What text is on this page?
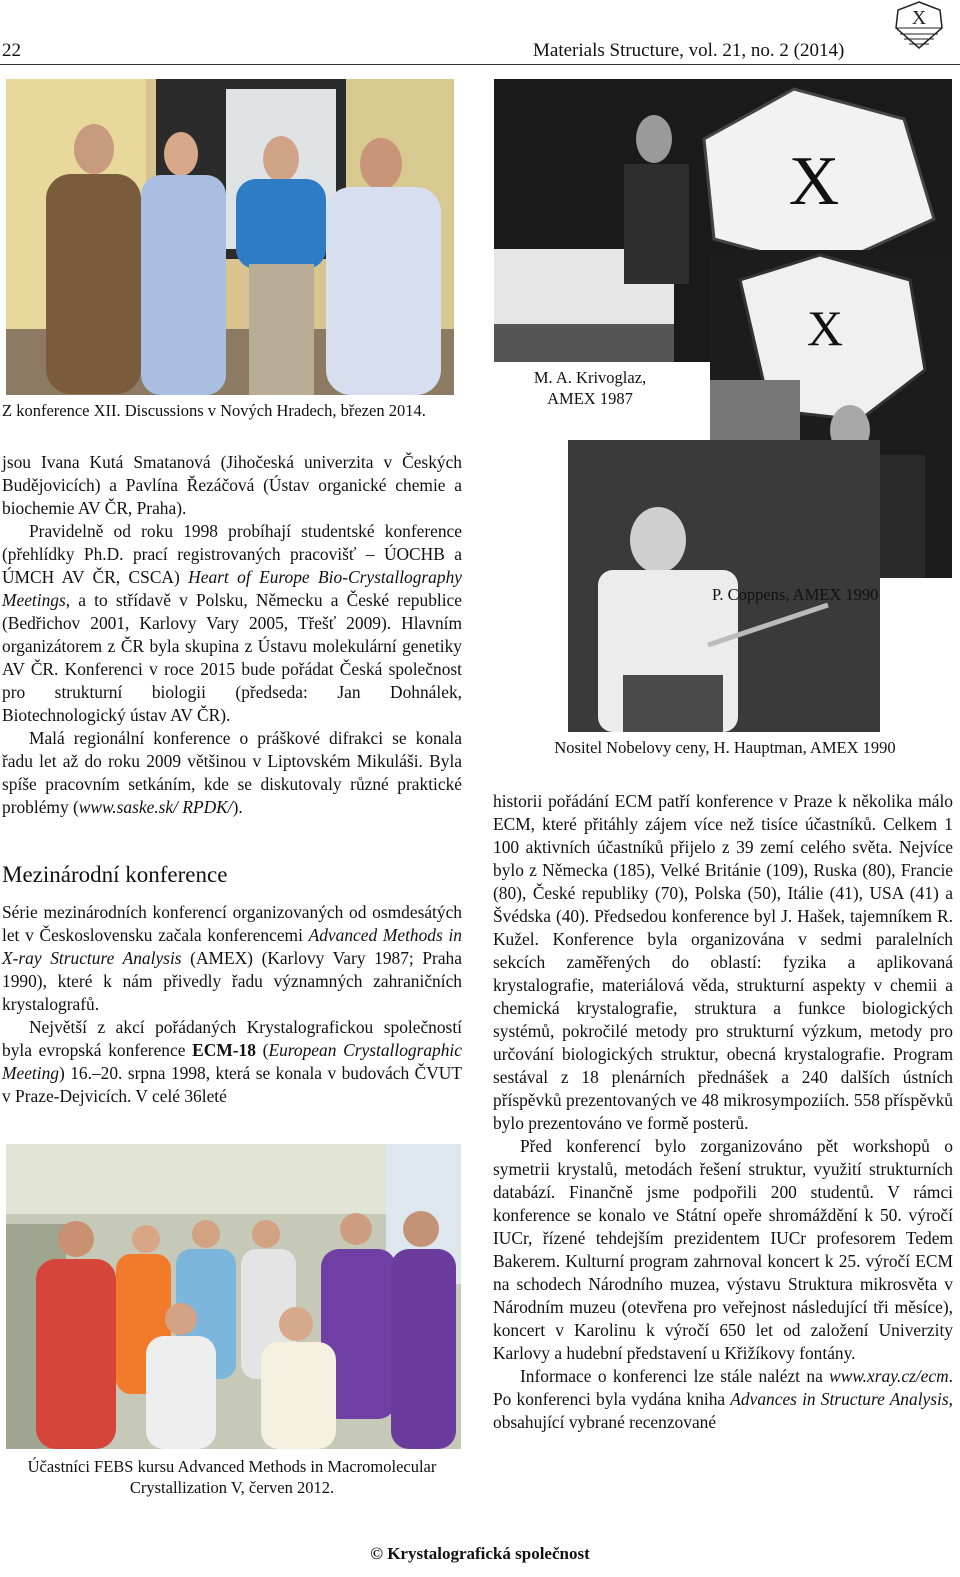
22	Materials Structure, vol. 21, no. 2 (2014)
X
Z konference XII. Discussions v Nových Hradech, březen 2014.
X
X
M. A. Krivoglaz,
AMEX 1987
P. Coppens, AMEX 1990
Nositel Nobelovy ceny, H. Hauptman, AMEX 1990

jsou Ivana Kutá Smatanová (Jihočeská univerzita v Českých Budějovicích) a Pavlína Řezáčová (Ústav organické chemie a biochemie AV ČR, Praha).

Pravidelně od roku 1998 probíhají studentské konference (přehlídky Ph.D. prací registrovaných pracovišť – ÚOCHB a ÚMCH AV ČR, CSCA) Heart of Europe Bio-Crystallography Meetings, a to střídavě v Polsku, Německu a České republice (Bedřichov 2001, Karlovy Vary 2005, Třešť 2009). Hlavním organizátorem z ČR byla skupina z Ústavu molekulární genetiky AV ČR. Konferenci v roce 2015 bude pořádat Česká společnost pro strukturní biologii (předseda: Jan Dohnálek, Biotechnologický ústav AV ČR).

Malá regionální konference o práškové difrakci se konala řadu let až do roku 2009 většinou v Liptovském Mikuláši. Byla spíše pracovním setkáním, kde se diskutovaly různé praktické problémy (www.saske.sk/ RPDK/).

Mezinárodní konference

Série mezinárodních konferencí organizovaných od osmdesátých let v Československu začala konferencemi Advanced Methods in X-ray Structure Analysis (AMEX) (Karlovy Vary 1987; Praha 1990), které k nám přivedly řadu významných zahraničních krystalografů.

Největší z akcí pořádaných Krystalografickou společností byla evropská konference ECM-18 (European Crystallographic Meeting) 16.–20. srpna 1998, která se konala v budovách ČVUT v Praze-Dejvicích. V celé 36leté

Účastníci FEBS kursu Advanced Methods in Macromolecular
Crystallization V, červen 2012.

historii pořádání ECM patří konference v Praze k několika málo ECM, které přitáhly zájem více než tisíce účastníků. Celkem 1 100 aktivních účastníků přijelo z 39 zemí celého světa. Nejvíce bylo z Německa (185), Velké Británie (109), Ruska (80), Francie (80), České republiky (70), Polska (50), Itálie (41), USA (41) a Švédska (40). Předsedou konference byl J. Hašek, tajemníkem R. Kužel. Konference byla organizována v sedmi paralelních sekcích zaměřených do oblastí: fyzika a aplikovaná krystalografie, materiálová věda, strukturní aspekty v chemii a chemická krystalografie, struktura a funkce biologických systémů, pokročilé metody pro strukturní výzkum, metody pro určování biologických struktur, obecná krystalografie. Program sestával z 18 plenárních přednášek a 240 dalších ústních příspěvků prezentovaných ve 48 mikrosympoziích. 558 příspěvků bylo prezentováno ve formě posterů.

Před konferencí bylo zorganizováno pět workshopů o symetrii krystalů, metodách řešení struktur, využití strukturních databází. Finančně jsme podpořili 200 studentů. V rámci konference se konalo ve Státní opeře shromáždění k 50. výročí IUCr, řízené tehdejším prezidentem IUCr profesorem Tedem Bakerem. Kulturní program zahrnoval koncert k 25. výročí ECM na schodech Národního muzea, výstavu Struktura mikrosvěta v Národním muzeu (otevřena pro veřejnost následující tři měsíce), koncert v Karolinu k výročí 650 let od založení Univerzity Karlovy a hudební představení u Křižíkovy fontány.

Informace o konferenci lze stále nalézt na www.xray.cz/ecm. Po konferenci byla vydána kniha Advances in Structure Analysis, obsahující vybrané recenzované

© Krystalografická společnost
